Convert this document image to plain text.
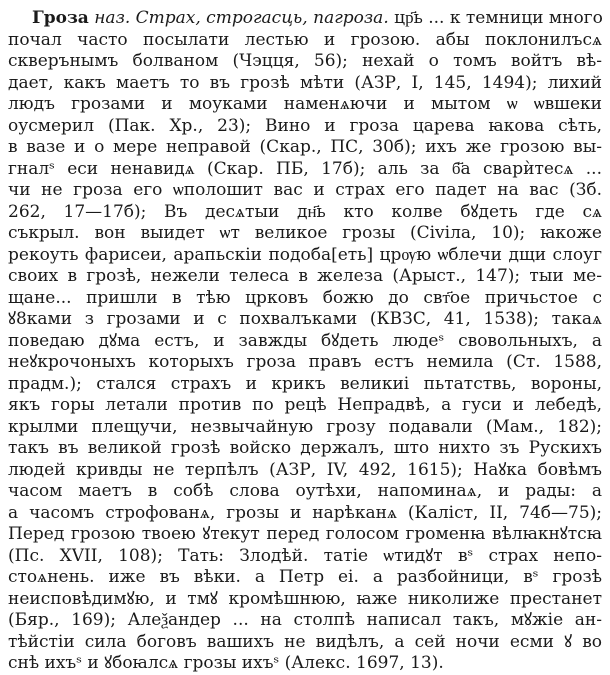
Гроза наз. Страх, строгасць, пагроза. цр҃ь ... к темници много
почал часто посылати лестью и грозою. абы поклонилъсѧ
скверънымъ болваном (Чэцця, 56); нехай о томъ войтъ вѣ-
дает, какъ маетъ то въ грозѣ мѣти (АЗР, I, 145, 1494); лихий
людъ грозами и моуками наменѧючи и мытом ѡ ѡвшеки
оусмерил (Пак. Хр., 23); Вино и гроза царева ꙗкова сѣть,
в вазе и о мере неправой (Скар., ПС, 30б); ихъ же грозою вы-
гналˢ еси ненавидѧ (Скар. ПБ, 17б); аль за б҃а сварѝтесѧ ...
чи не гроза его ѡполошит вас и страх его падет на вас (Зб.
262, 17—17б); Въ десѧтыи дн҃ь кто колве бꙋдеть где сѧ
съкрыл. вон выидет ѡт великое грозы (Сіvіла, 10); ꙗкоже
рекоуть фарисеи, арапьскіи подоба[еть] црѹю ѡблечи дщи слоуг
своих в грозѣ, нежели телеса в железа (Арыст., 147); тыи ме-
щане... пришли в тѣю црковъ божю до свт҃ое причьстое с
ꙋ8ками з грозами и с похвалъками (КВЗС, 41, 1538); такаѧ
поведаю дꙋма естъ, и завжды бꙋдеть людеˢ свовольныхъ, а
неꙋкрочоныхъ которыхъ гроза правъ естъ немила (Ст. 1588,
прадм.); стался страхъ и крикъ великиі пьтатствь, вороны,
якъ горы летали против по рецѣ Непрадвѣ, а гуси и лебедѣ,
крылми плещучи, незвычайную грозу подавали (Мам., 182);
такъ въ великой грозѣ войско держалъ, што нихто зъ Рускихъ
людей кривды не терпѣлъ (АЗР, IV, 492, 1615); Наꙋка бовѣмъ
часом маетъ в собѣ слова оутѣхи, напоминаѧ, и рады: а
а часомъ строфованѧ, грозы и нарѣканѧ (Каліст, II, 74б—75);
Перед грозою твоею ꙋтекут перед голосом громенꙗ вѣлꙗкнꙋтсꙗ
(Пс. XVII, 108); Тать: Злодѣй. татіе ѡтидꙋт вˢ страх непо-
стоѧнень. иже въ вѣки. а Петр еі. а разбойници, вˢ грозѣ
неисповѣдимꙋю, и тмꙋ кромѣшнюю, ꙗже николиже престанет
(Бяр., 169); Алеѯандер ... на столпѣ написал такъ, мꙋжіе ан-
тѣйстіи сила боговъ вашихъ не видѣлъ, а сей ночи есми ꙋ во
снѣ ихъˢ и ꙋбоꙗлсѧ грозы ихъˢ (Алекс. 1697, 13).
